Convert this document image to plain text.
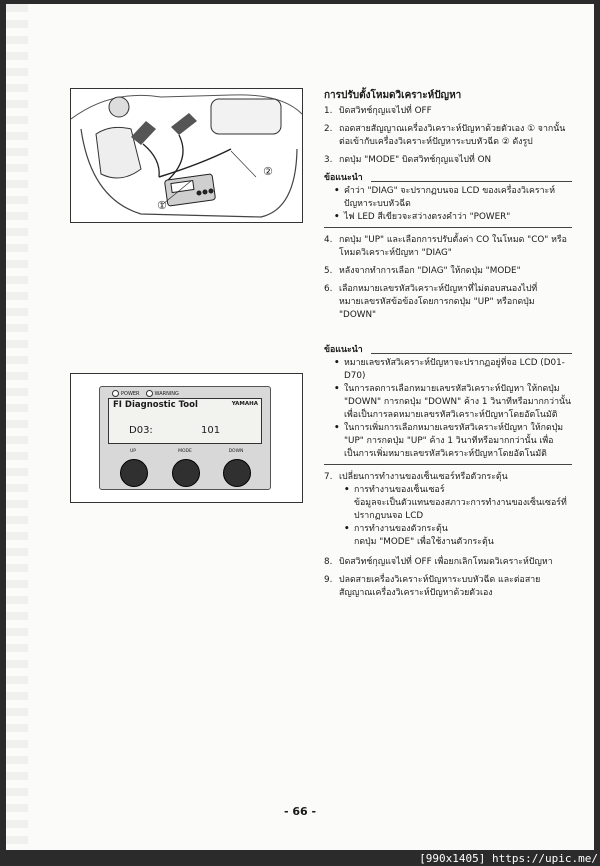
①
②
POWER	WARNING
FI Diagnostic Tool	YAMAHA
D03:	101
UP	MODE	DOWN

การปรับตั้งโหมดวิเคราะห์ปัญหา

1. บิดสวิทช์กุญแจไปที่ OFF

2. ถอดสายสัญญาณเครื่องวิเคราะห์ปัญหาด้วยตัวเอง ① จากนั้นต่อเข้ากับเครื่องวิเคราะห์ปัญหาระบบหัวฉีด ② ดังรูป

3. กดปุ่ม "MODE" บิดสวิทช์กุญแจไปที่ ON

ข้อแนะนำ

• คำว่า "DIAG" จะปรากฏบนจอ LCD ของเครื่องวิเคราะห์ปัญหาระบบหัวฉีด

• ไฟ LED สีเขียวจะสว่างตรงคำว่า "POWER"

4. กดปุ่ม "UP" และเลือกการปรับตั้งค่า CO ในโหมด "CO" หรือโหมดวิเคราะห์ปัญหา "DIAG"

5. หลังจากทำการเลือก "DIAG" ให้กดปุ่ม "MODE"

6. เลือกหมายเลขรหัสวิเคราะห์ปัญหาที่ไม่ตอบสนองไปที่หมายเลขรหัสข้อข้องโดยการกดปุ่ม "UP" หรือกดปุ่ม "DOWN"

ข้อแนะนำ

• หมายเลขรหัสวิเคราะห์ปัญหาจะปรากฏอยู่ที่จอ LCD (D01-D70)

• ในการลดการเลือกหมายเลขรหัสวิเคราะห์ปัญหา ให้กดปุ่ม "DOWN" การกดปุ่ม "DOWN" ค้าง 1 วินาทีหรือมากกว่านั้น เพื่อเป็นการลดหมายเลขรหัสวิเคราะห์ปัญหาโดยอัตโนมัติ

• ในการเพิ่มการเลือกหมายเลขรหัสวิเคราะห์ปัญหา ให้กดปุ่ม "UP" การกดปุ่ม "UP" ค้าง 1 วินาทีหรือมากกว่านั้น เพื่อเป็นการเพิ่มหมายเลขรหัสวิเคราะห์ปัญหาโดยอัตโนมัติ

7. เปลี่ยนการทำงานของเซ็นเซอร์หรือตัวกระตุ้น

• การทำงานของเซ็นเซอร์

ข้อมูลจะเป็นตัวแทนของสภาวะการทำงานของเซ็นเซอร์ที่ปรากฏบนจอ LCD

• การทำงานของตัวกระตุ้น

กดปุ่ม "MODE" เพื่อใช้งานตัวกระตุ้น

8. บิดสวิทช์กุญแจไปที่ OFF เพื่อยกเลิกโหมดวิเคราะห์ปัญหา

9. ปลดสายเครื่องวิเคราะห์ปัญหาระบบหัวฉีด และต่อสายสัญญาณเครื่องวิเคราะห์ปัญหาด้วยตัวเอง

- 66 -
[990x1405] https://upic.me/
